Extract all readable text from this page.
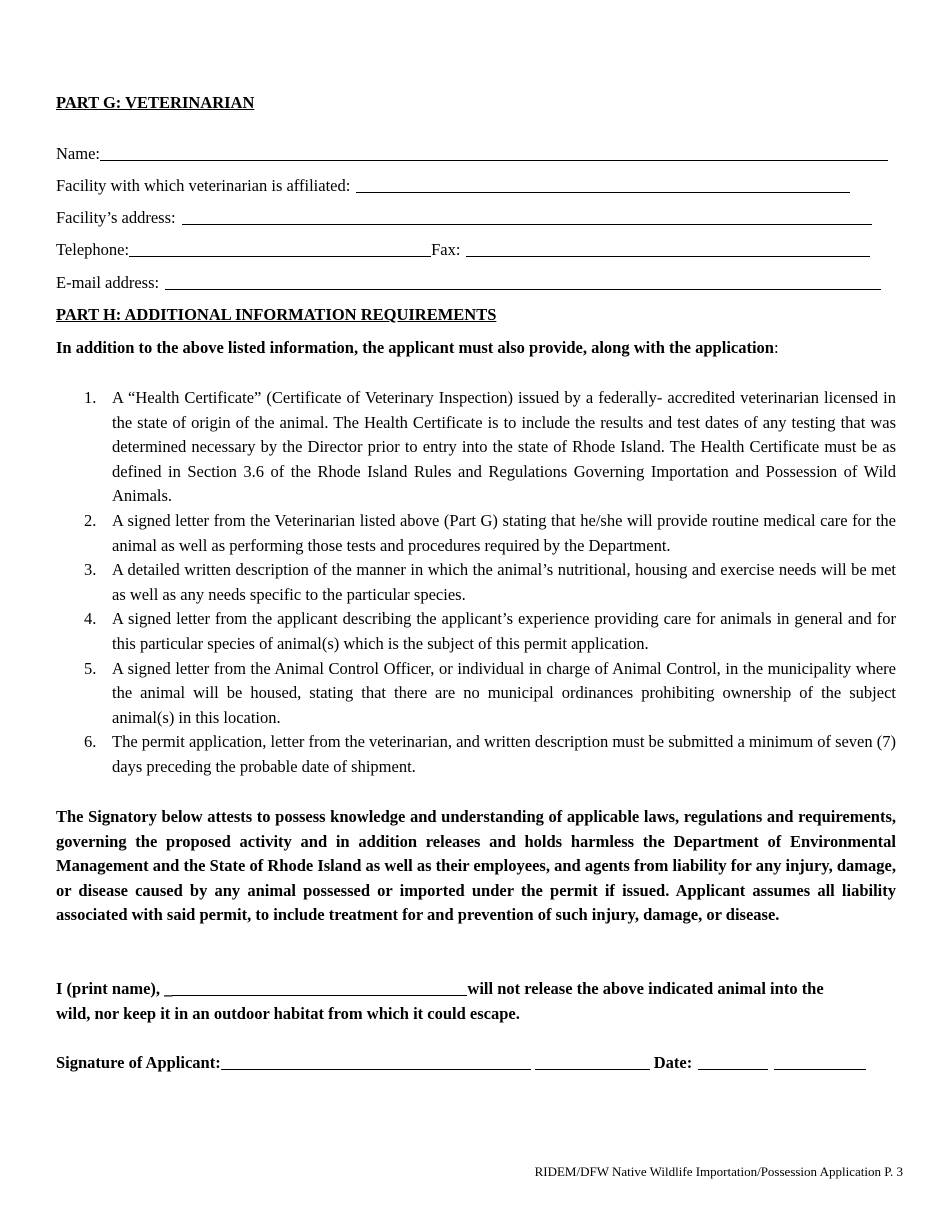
PART G: VETERINARIAN
Name:
Facility with which veterinarian is affiliated:
Facility’s address:
Telephone:	Fax:
E-mail address:
PART H: ADDITIONAL INFORMATION REQUIREMENTS
In addition to the above listed information, the applicant must also provide, along with the application:
1. A “Health Certificate” (Certificate of Veterinary Inspection) issued by a federally- accredited veterinarian licensed in the state of origin of the animal. The Health Certificate is to include the results and test dates of any testing that was determined necessary by the Director prior to entry into the state of Rhode Island. The Health Certificate must be as defined in Section 3.6 of the Rhode Island Rules and Regulations Governing Importation and Possession of Wild Animals.
2. A signed letter from the Veterinarian listed above (Part G) stating that he/she will provide routine medical care for the animal as well as performing those tests and procedures required by the Department.
3. A detailed written description of the manner in which the animal’s nutritional, housing and exercise needs will be met as well as any needs specific to the particular species.
4. A signed letter from the applicant describing the applicant’s experience providing care for animals in general and for this particular species of animal(s) which is the subject of this permit application.
5. A signed letter from the Animal Control Officer, or individual in charge of Animal Control, in the municipality where the animal will be housed, stating that there are no municipal ordinances prohibiting ownership of the subject animal(s) in this location.
6. The permit application, letter from the veterinarian, and written description must be submitted a minimum of seven (7) days preceding the probable date of shipment.
The Signatory below attests to possess knowledge and understanding of applicable laws, regulations and requirements, governing the proposed activity and in addition releases and holds harmless the Department of Environmental Management and the State of Rhode Island as well as their employees, and agents from liability for any injury, damage, or disease caused by any animal possessed or imported under the permit if issued. Applicant assumes all liability associated with said permit, to include treatment for and prevention of such injury, damage, or disease.
I (print name), _	will not release the above indicated animal into the
wild, nor keep it in an outdoor habitat from which it could escape.
Signature of Applicant:	Date:
RIDEM/DFW Native Wildlife Importation/Possession Application P. 3
